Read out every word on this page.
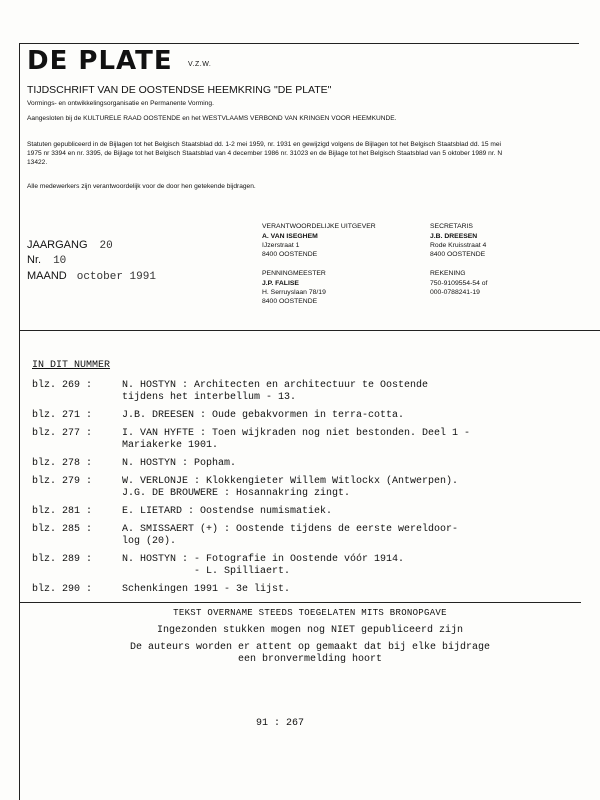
DE PLATE V.Z.W.
TIJDSCHRIFT VAN DE OOSTENDSE HEEMKRING "DE PLATE"
Vormings- en ontwikkelingsorganisatie en Permanente Vorming.
Aangesloten bij de KULTURELE RAAD OOSTENDE en het WESTVLAAMS VERBOND VAN KRINGEN VOOR HEEMKUNDE.
Statuten gepubliceerd in de Bijlagen tot het Belgisch Staatsblad dd. 1-2 mei 1959, nr. 1931 en gewijzigd volgens de Bijlagen tot het Belgisch Staatsblad dd. 15 mei 1975 nr 3394 en nr. 3395, de Bijlage tot het Belgisch Staatsblad van 4 december 1986 nr. 31023 en de Bijlage tot het Belgisch Staatsblad van 5 oktober 1989 nr. N 13422.
Alle medewerkers zijn verantwoordelijk voor de door hen getekende bijdragen.
JAARGANG 20
Nr. 10
MAAND october 1991
VERANTWOORDELIJKE UITGEVER
A. VAN ISEGHEM
IJzerstraat 1
8400 OOSTENDE
SECRETARIS
J.B. DREESEN
Rode Kruisstraat 4
8400 OOSTENDE
PENNINGMEESTER
J.P. FALISE
H. Serruyslaan 78/19
8400 OOSTENDE
REKENING
750-9109554-54 of
000-0788241-19
IN DIT NUMMER
blz. 269 :	N. HOSTYN : Architecten en architectuur te Oostende
tijdens het interbellum - 13.
blz. 271 :	J.B. DREESEN : Oude gebakvormen in terra-cotta.
blz. 277 :	I. VAN HYFTE : Toen wijkraden nog niet bestonden. Deel 1 -
Mariakerke 1901.
blz. 278 :	N. HOSTYN : Popham.
blz. 279 :	W. VERLONJE : Klokkengieter Willem Witlockx (Antwerpen).
J.G. DE BROUWERE : Hosannakring zingt.
blz. 281 :	E. LIETARD : Oostendse numismatiek.
blz. 285 :	A. SMISSAERT (+) : Oostende tijdens de eerste wereldoor-
log (20).
blz. 289 :	N. HOSTYN : - Fotografie in Oostende vóór 1914.
- L. Spilliaert.
blz. 290 :	Schenkingen 1991 - 3e lijst.
TEKST OVERNAME STEEDS TOEGELATEN MITS BRONOPGAVE
Ingezonden stukken mogen nog NIET gepubliceerd zijn
De auteurs worden er attent op gemaakt dat bij elke bijdrage
een bronvermelding hoort
91 : 267
